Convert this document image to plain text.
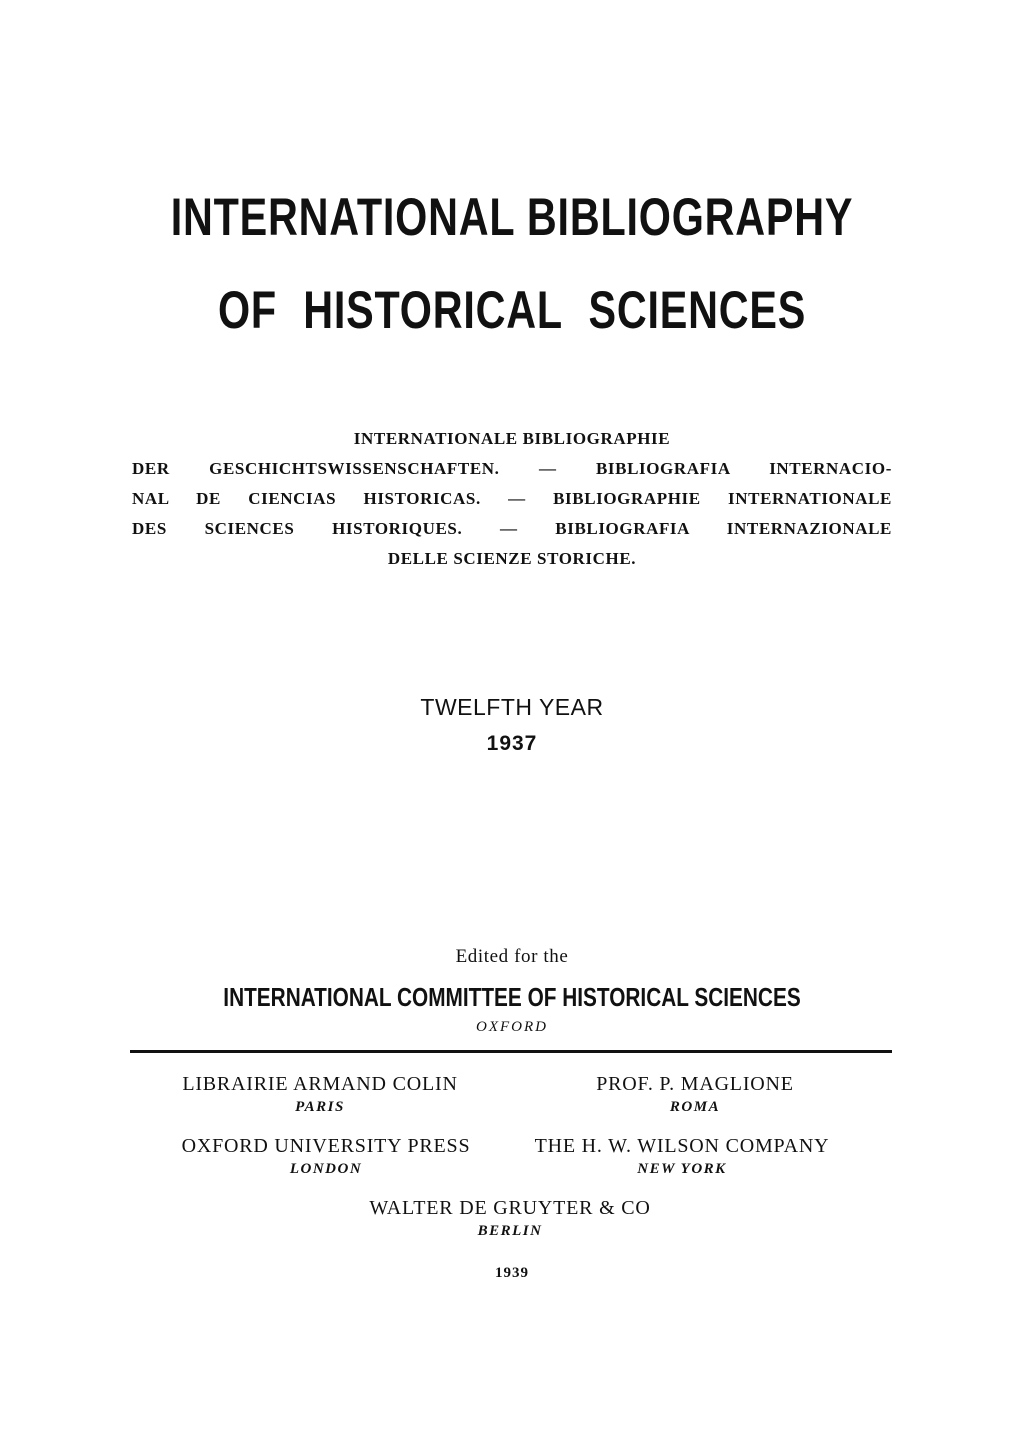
INTERNATIONAL BIBLIOGRAPHY
OF HISTORICAL SCIENCES
INTERNATIONALE BIBLIOGRAPHIE
DER GESCHICHTSWISSENSCHAFTEN. — BIBLIOGRAFIA INTERNACIO-
NAL DE CIENCIAS HISTORICAS. — BIBLIOGRAPHIE INTERNATIONALE
DES SCIENCES HISTORIQUES. — BIBLIOGRAFIA INTERNAZIONALE
DELLE SCIENZE STORICHE.
TWELFTH YEAR
1937
Edited for the
INTERNATIONAL COMMITTEE OF HISTORICAL SCIENCES
OXFORD
LIBRAIRIE ARMAND COLIN
PARIS
PROF. P. MAGLIONE
ROMA
OXFORD UNIVERSITY PRESS
LONDON
THE H. W. WILSON COMPANY
NEW YORK
WALTER DE GRUYTER & CO
BERLIN
1939
